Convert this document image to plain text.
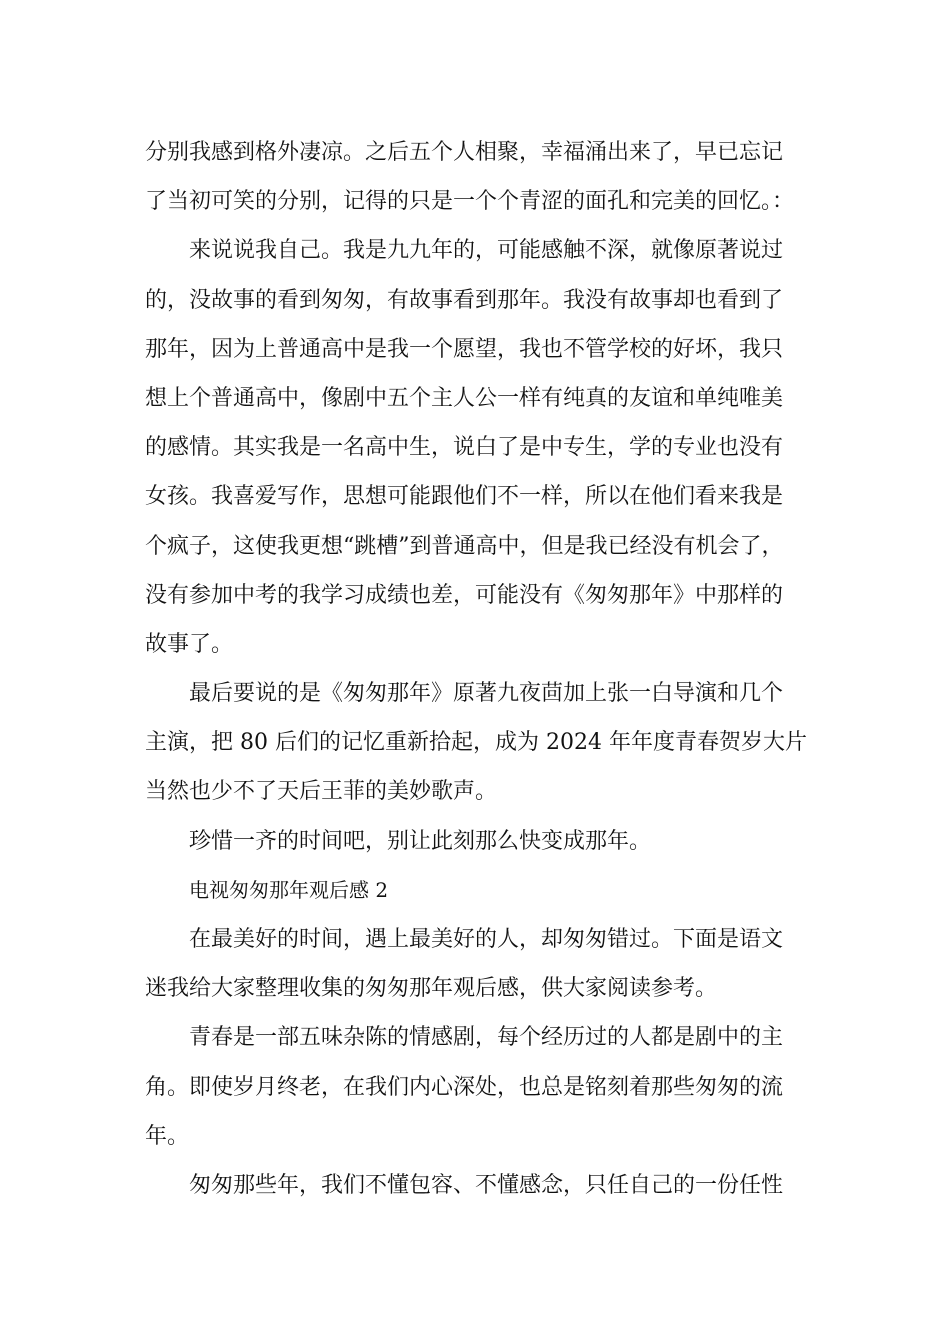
分别我感到格外凄凉。之后五个人相聚，幸福涌出来了，早已忘记
了当初可笑的分别，记得的只是一个个青涩的面孔和完美的回忆。：
来说说我自己。我是九九年的，可能感触不深，就像原著说过
的，没故事的看到匆匆，有故事看到那年。我没有故事却也看到了
那年，因为上普通高中是我一个愿望，我也不管学校的好坏，我只
想上个普通高中，像剧中五个主人公一样有纯真的友谊和单纯唯美
的感情。其实我是一名高中生，说白了是中专生，学的专业也没有
女孩。我喜爱写作，思想可能跟他们不一样，所以在他们看来我是
个疯子，这使我更想“跳槽”到普通高中，但是我已经没有机会了，
没有参加中考的我学习成绩也差，可能没有《匆匆那年》中那样的
故事了。
最后要说的是《匆匆那年》原著九夜茴加上张一白导演和几个
主演，把 80 后们的记忆重新拾起，成为 2024 年年度青春贺岁大片
当然也少不了天后王菲的美妙歌声。
珍惜一齐的时间吧，别让此刻那么快变成那年。
电视匆匆那年观后感 2
在最美好的时间，遇上最美好的人，却匆匆错过。下面是语文
迷我给大家整理收集的匆匆那年观后感，供大家阅读参考。
青春是一部五味杂陈的情感剧，每个经历过的人都是剧中的主
角。即使岁月终老，在我们内心深处，也总是铭刻着那些匆匆的流
年。
匆匆那些年，我们不懂包容、不懂感念，只任自己的一份任性
